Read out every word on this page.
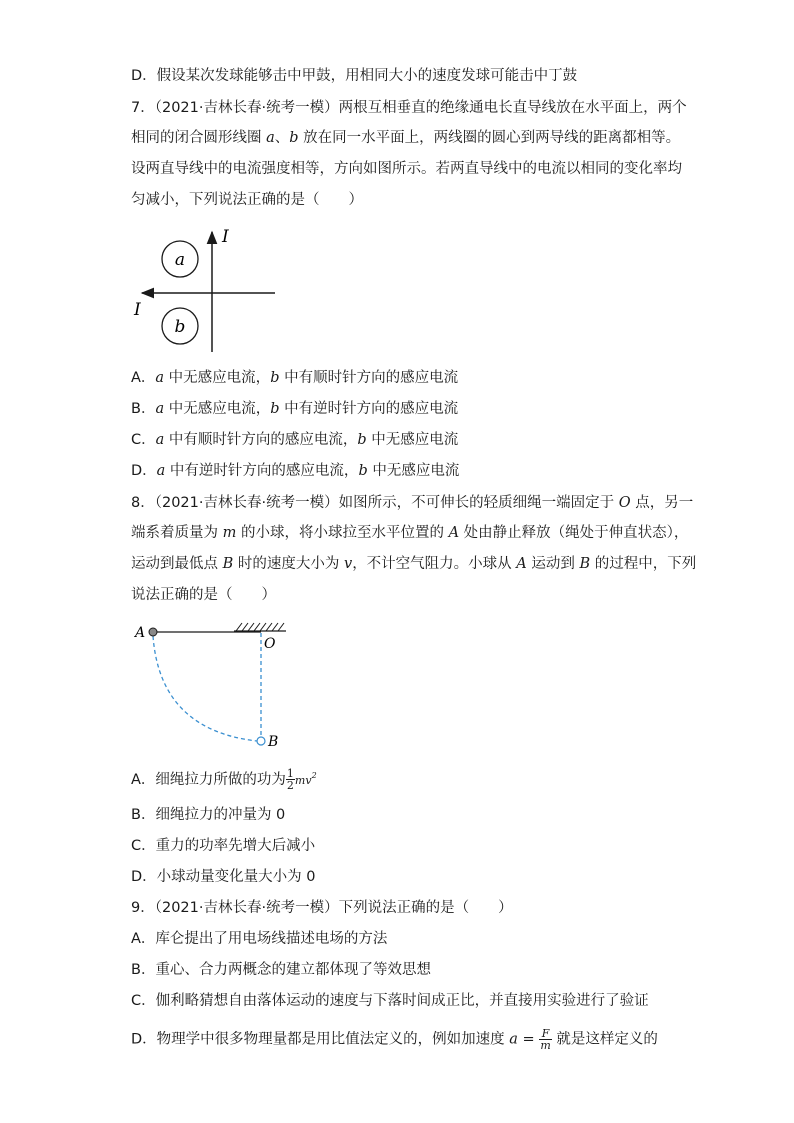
D．假设某次发球能够击中甲鼓，用相同大小的速度发球可能击中丁鼓
7．（2021·吉林长春·统考一模）两根互相垂直的绝缘通电长直导线放在水平面上，两个
相同的闭合圆形线圈 a、b 放在同一水平面上，两线圈的圆心到两导线的距离都相等。
设两直导线中的电流强度相等，方向如图所示。若两直导线中的电流以相同的变化率均
匀减小，下列说法正确的是（　　）
a
b
I
I
A．a 中无感应电流，b 中有顺时针方向的感应电流
B．a 中无感应电流，b 中有逆时针方向的感应电流
C．a 中有顺时针方向的感应电流，b 中无感应电流
D．a 中有逆时针方向的感应电流，b 中无感应电流
8．（2021·吉林长春·统考一模）如图所示，不可伸长的轻质细绳一端固定于 O 点，另一
端系着质量为 m 的小球，将小球拉至水平位置的 A 处由静止释放（绳处于伸直状态），
运动到最低点 B 时的速度大小为 v，不计空气阻力。小球从 A 运动到 B 的过程中，下列
说法正确的是（　　）
A
O
B
A．细绳拉力所做的功为 $\frac{1}{2} mv^2$
B．细绳拉力的冲量为 0
C．重力的功率先增大后减小
D．小球动量变化量大小为 0
9．（2021·吉林长春·统考一模）下列说法正确的是（　　）
A．库仑提出了用电场线描述电场的方法
B．重心、合力两概念的建立都体现了等效思想
C．伽利略猜想自由落体运动的速度与下落时间成正比，并直接用实验进行了验证
D．物理学中很多物理量都是用比值法定义的，例如加速度 $a = \frac{F}{m}$ 就是这样定义的
